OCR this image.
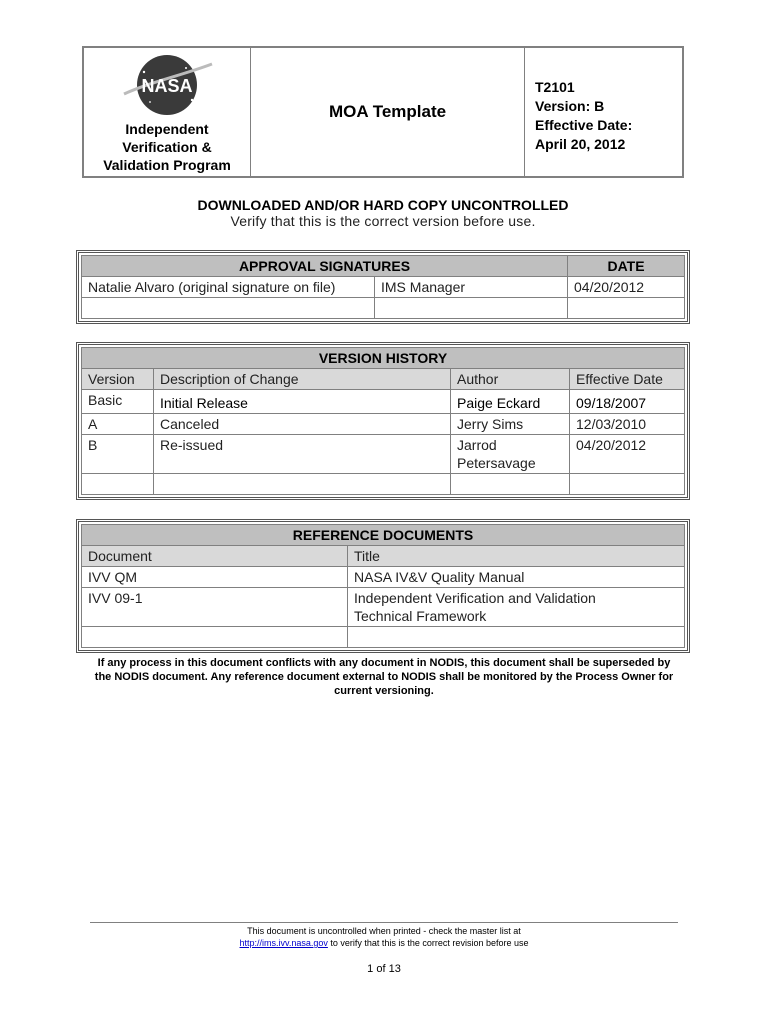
NASA
Independent
Verification &
Validation Program
MOA Template
T2101
Version: B
Effective Date:
April 20, 2012
DOWNLOADED AND/OR HARD COPY UNCONTROLLED
Verify that this is the correct version before use.
APPROVAL SIGNATURES		DATE
Natalie Alvaro (original signature on file)	IMS Manager	04/20/2012

VERSION HISTORY			
Version	Description of Change	Author	Effective Date
Basic	Initial Release	Paige Eckard	09/18/2007
A	Canceled	Jerry Sims	12/03/2010
B	Re-issued	Jarrod Petersavage	04/20/2012

REFERENCE DOCUMENTS	
Document	Title
IVV QM	NASA IV&V Quality Manual
IVV 09-1	Independent Verification and Validation Technical Framework

If any process in this document conflicts with any document in NODIS, this document shall be superseded by the NODIS document. Any reference document external to NODIS shall be monitored by the Process Owner for current versioning.
This document is uncontrolled when printed - check the master list at
http://ims.ivv.nasa.gov to verify that this is the correct revision before use
1 of 13
